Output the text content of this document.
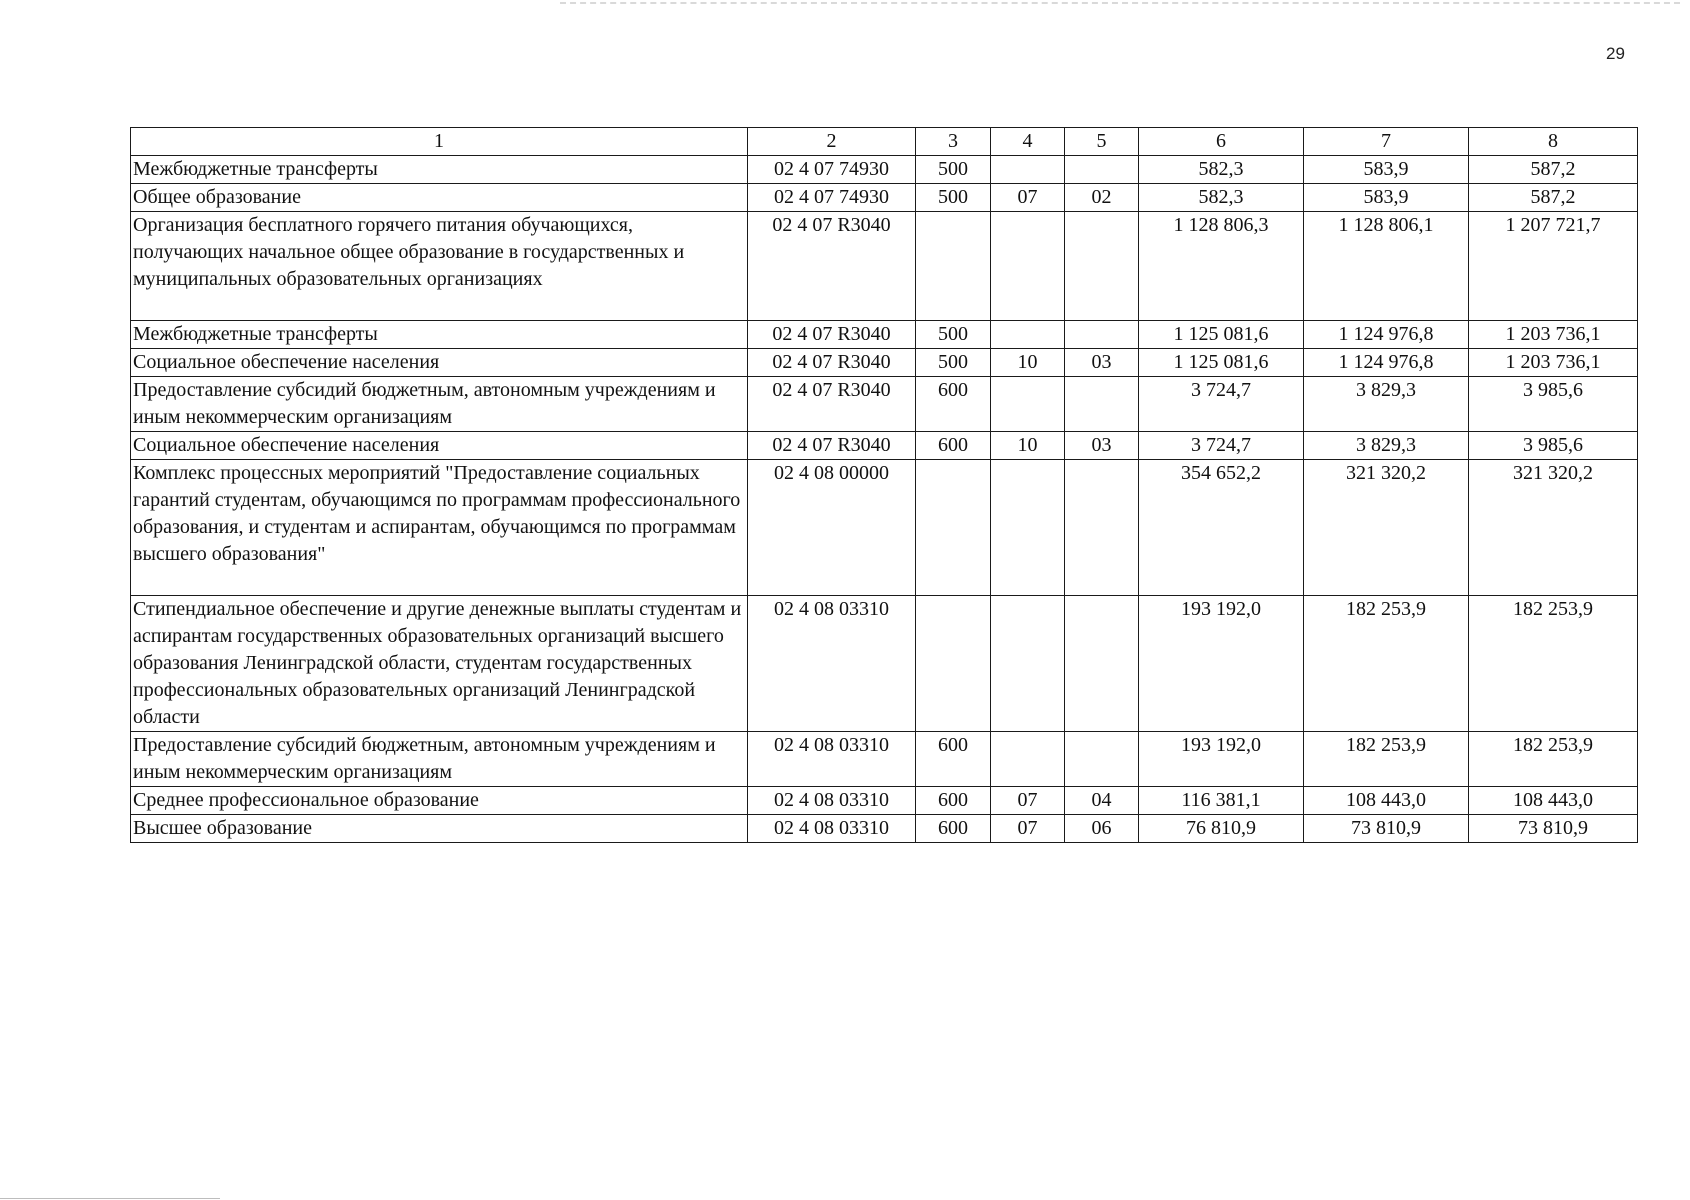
29
1	2	3	4	5	6	7	8
Межбюджетные трансферты	02 4 07 74930	500			582,3	583,9	587,2
Общее образование	02 4 07 74930	500	07	02	582,3	583,9	587,2
Организация бесплатного горячего питания обучающихся, получающих начальное общее образование в государственных и муниципальных образовательных организациях	02 4 07 R3040				1 128 806,3	1 128 806,1	1 207 721,7
Межбюджетные трансферты	02 4 07 R3040	500			1 125 081,6	1 124 976,8	1 203 736,1
Социальное обеспечение населения	02 4 07 R3040	500	10	03	1 125 081,6	1 124 976,8	1 203 736,1
Предоставление субсидий бюджетным, автономным учреждениям и иным некоммерческим организациям	02 4 07 R3040	600			3 724,7	3 829,3	3 985,6
Социальное обеспечение населения	02 4 07 R3040	600	10	03	3 724,7	3 829,3	3 985,6
Комплекс процессных мероприятий "Предоставление социальных гарантий студентам, обучающимся по программам профессионального образования, и студентам и аспирантам, обучающимся по программам высшего образования"	02 4 08 00000				354 652,2	321 320,2	321 320,2
Стипендиальное обеспечение и другие денежные выплаты студентам и аспирантам государственных образовательных организаций высшего образования Ленинградской области, студентам государственных профессиональных образовательных организаций Ленинградской области	02 4 08 03310				193 192,0	182 253,9	182 253,9
Предоставление субсидий бюджетным, автономным учреждениям и иным некоммерческим организациям	02 4 08 03310	600			193 192,0	182 253,9	182 253,9
Среднее профессиональное образование	02 4 08 03310	600	07	04	116 381,1	108 443,0	108 443,0
Высшее образование	02 4 08 03310	600	07	06	76 810,9	73 810,9	73 810,9
